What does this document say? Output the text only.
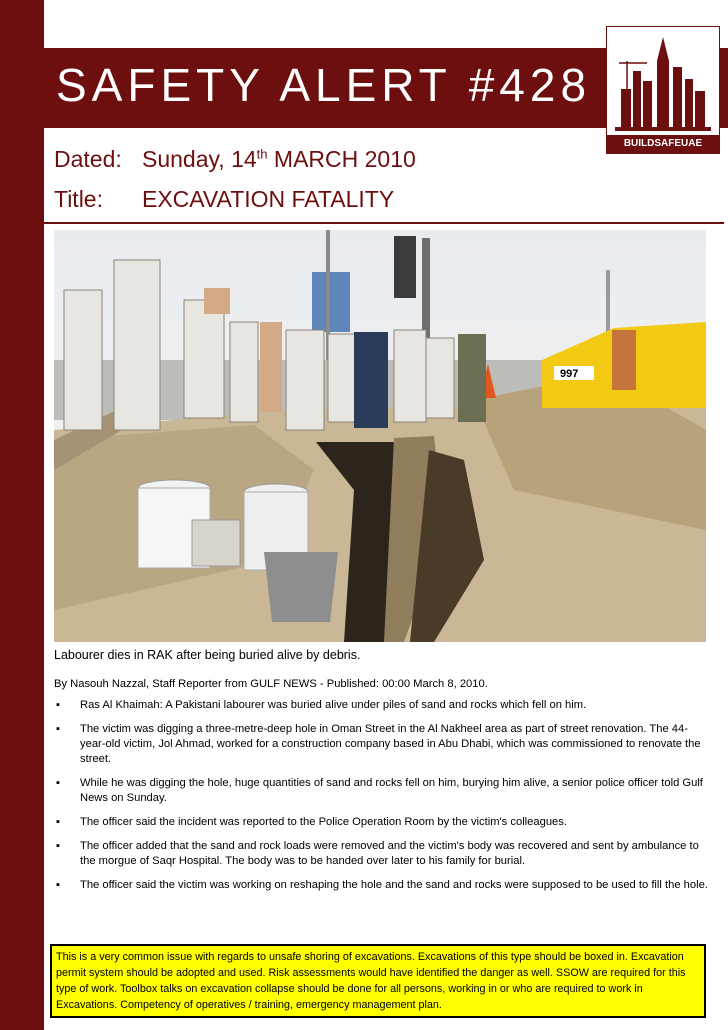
SAFETY ALERT #428
BUILDSAFEUAE
Dated: Sunday, 14th MARCH 2010
Title: EXCAVATION FATALITY
997

Labourer dies in RAK after being buried alive by debris.

By Nasouh Nazzal, Staff Reporter from GULF NEWS - Published: 00:00 March 8, 2010.

▪ Ras Al Khaimah: A Pakistani labourer was buried alive under piles of sand and rocks which fell on him.
▪ The victim was digging a three-metre-deep hole in Oman Street in the Al Nakheel area as part of street renovation. The 44-year-old victim, Jol Ahmad, worked for a construction company based in Abu Dhabi, which was commissioned to renovate the street.
▪ While he was digging the hole, huge quantities of sand and rocks fell on him, burying him alive, a senior police officer told Gulf News on Sunday.
▪ The officer said the incident was reported to the Police Operation Room by the victim's colleagues.
▪ The officer added that the sand and rock loads were removed and the victim's body was recovered and sent by ambulance to the morgue of Saqr Hospital. The body was to be handed over later to his family for burial.
▪ The officer said the victim was working on reshaping the hole and the sand and rocks were supposed to be used to fill the hole.
This is a very common issue with regards to unsafe shoring of excavations. Excavations of this type should be boxed in. Excavation permit system should be adopted and used. Risk assessments would have identified the danger as well. SSOW are required for this type of work. Toolbox talks on excavation collapse should be done for all persons, working in or who are required to work in Excavations. Competency of operatives / training, emergency management plan.
